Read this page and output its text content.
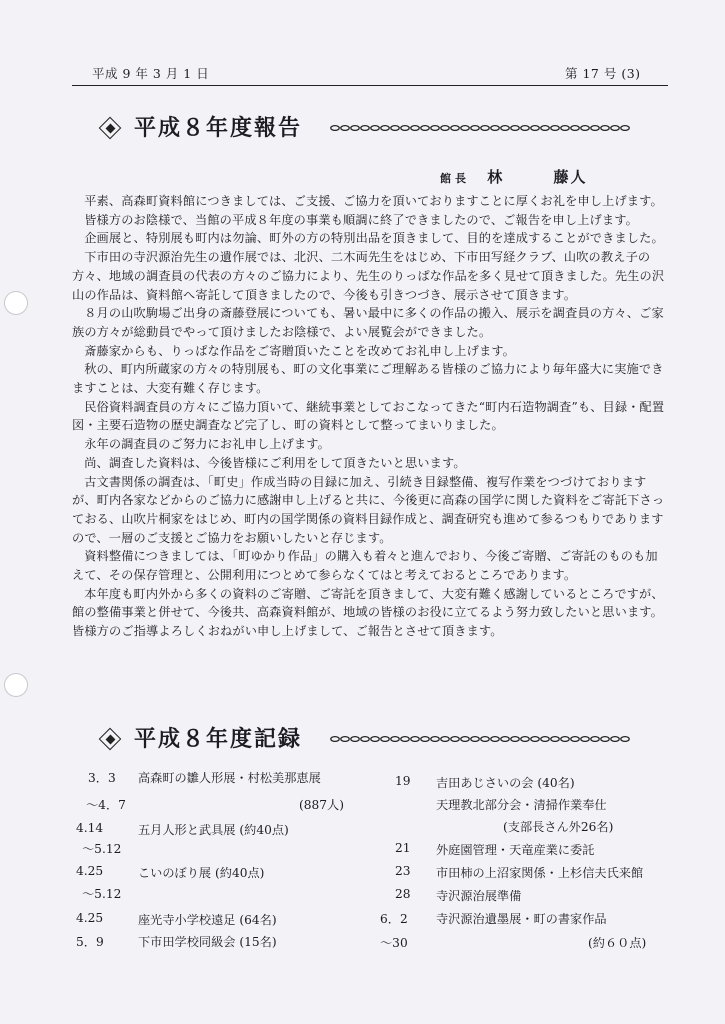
平成 9 年 3 月 1 日	第 17 号 (3)
平成８年度報告
館長 林	藤人

平素、高森町資料館につきましては、ご支援、ご協力を頂いておりますことに厚くお礼を申し上げます。

皆様方のお陰様で、当館の平成８年度の事業も順調に終了できましたので、ご報告を申し上げます。

企画展と、特別展も町内は勿論、町外の方の特別出品を頂きまして、目的を達成することができました。

下市田の寺沢源治先生の遺作展では、北沢、二木両先生をはじめ、下市田写経クラブ、山吹の教え子の方々、地域の調査員の代表の方々のご協力により、先生のりっぱな作品を多く見せて頂きました。先生の沢山の作品は、資料館へ寄託して頂きましたので、今後も引きつづき、展示させて頂きます。

８月の山吹駒場ご出身の斎藤登展についても、暑い最中に多くの作品の搬入、展示を調査員の方々、ご家族の方々が総動員でやって頂けましたお陰様で、よい展覧会ができました。

斎藤家からも、りっぱな作品をご寄贈頂いたことを改めてお礼申し上げます。

秋の、町内所蔵家の方々の特別展も、町の文化事業にご理解ある皆様のご協力により毎年盛大に実施できますことは、大変有難く存じます。

民俗資料調査員の方々にご協力頂いて、継続事業としておこなってきた“町内石造物調査”も、目録・配置図・主要石造物の歴史調査など完了し、町の資料として整ってまいりました。

永年の調査員のご努力にお礼申し上げます。

尚、調査した資料は、今後皆様にご利用をして頂きたいと思います。

古文書関係の調査は、「町史」作成当時の目録に加え、引続き目録整備、複写作業をつづけておりますが、町内各家などからのご協力に感謝申し上げると共に、今後更に高森の国学に関した資料をご寄託下さっておる、山吹片桐家をはじめ、町内の国学関係の資料目録作成と、調査研究も進めて参るつもりでありますので、一層のご支援とご協力をお願いしたいと存じます。

資料整備につきましては、「町ゆかり作品」の購入も着々と進んでおり、今後ご寄贈、ご寄託のものも加えて、その保存管理と、公開利用につとめて参らなくてはと考えておるところであります。

本年度も町内外から多くの資料のご寄贈、ご寄託を頂きまして、大変有難く感謝しているところですが、館の整備事業と併せて、今後共、高森資料館が、地域の皆様のお役に立てるよう努力致したいと思います。皆様方のご指導よろしくおねがい申し上げまして、ご報告とさせて頂きます。

平成８年度記録
3．3 高森町の雛人形展・村松美那恵展
～4．7	(887人)
4.14	五月人形と武具展 (約40点)
～5.12
4.25	こいのぼり展 (約40点)
～5.12
4.25	座光寺小学校遠足 (64名)
5．9	下市田学校同級会 (15名)
19 吉田あじさいの会 (40名)
天理教北部分会・清掃作業奉仕
(支部長さん外26名)
21 外庭園管理・天竜産業に委託
23 市田柿の上沼家関係・上杉信夫氏来館
28 寺沢源治展準備
6．2 寺沢源治遺墨展・町の書家作品
～30	(約６０点)
